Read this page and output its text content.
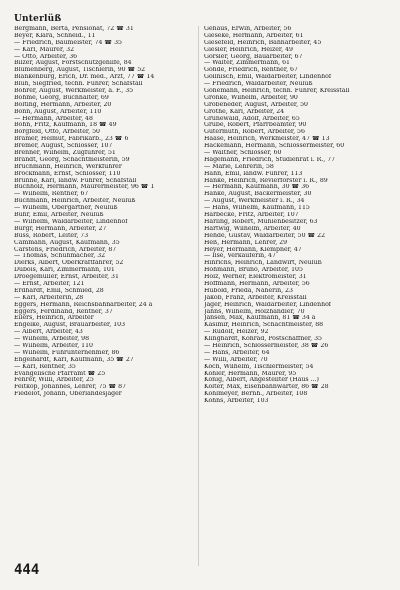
Unterlüß
Bergmann, Berta, Pensionat, 72 ☎ 31
Beyer, Klara, Schneid., 11
— Friedrich, Baumeister, 74 ☎ 35
— Karl, Maurer, 32
— Otto, Arbeiter, 36
Bilzer, August, Forstschutzgehilfe, 84
Blumenberg, August, Tischlerin, 90 ☎ 52
Blankenburg, Erich, Dr. med., Arzt, 77 ☎ 14
Blüh, Siegfried, techn. Führer, Schafstall
Böhrer, August, Werkmeister, a. F., 35
Böhme, Georg, Buchhalter, 69
Bölting, Hermann, Arbeiter, 20
Bonn, August, Arbeiter, 110
— Hermann, Arbeiter, 48
Bohn, Fritz, Kaufmann, 18 ☎ 49
Borgfeld, Otto, Arbeiter, 50
Brämer, Helmut, Fabrikarb., 23 ☎ 6
Bremer, August, Schlosser, 107
Brenner, Wilhelm, Zugführer, 51
Brandt, Georg, Schachtmeisterin, 59
Bruchmann, Heinrich, Werkführer
Brockmann, Ernst, Schlosser, 110
Brunne, Karl, landw. Führer, Schafstall
Buchholz, Hermann, Maurermeister, 96 ☎ 1
— Wilhelm, Rentner, 67
Buchmann, Heinrich, Arbeiter, Neulüß
— Wilhelm, Obergärtner, Neulüß
Buhr, Emil, Arbeiter, Neulüß
— Wilhelm, Waldarbeiter, Lindenhof
Burgr, Hermann, Arbeiter, 27
Buss, Robert, Leiter, 73
Cammann, August, Kaufmann, 35
Carstens, Friedrich, Arbeiter, 87
— Thomas, Schuhmacher, 32
Dierks, Albert, Oberkraftfahrer, 52
Dubois, Karl, Zimmermann, 101
Droegemüller, Ernst, Arbeiter, 31
— Ernst, Arbeiter, 121
Erdhardt, Emil, Schmied, 28
— Karl, Arbeiterin, 28
Eggers, Hermann, Reichsbahnarbeiter, 24 a
Eggers, Ferdinand, Rentner, 37
Eilers, Heinrich, Arbeiter
Engelke, August, Brauarbeiter, 103
— Albert, Arbeiter, 43
— Wilhelm, Arbeiter, 98
— Wilhelm, Arbeiter, 110
— Wilhelm, Fuhrunternehmer, 86
Engelhardt, Karl, Kaufmann, 35 ☎ 27
— Karl, Rentner, 35
Evangelische Pfarramt ☎ 25
Fehrer, Willi, Arbeiter, 25
Feitkop, Johannes, Lehrer, 75 ☎ 87
Fiedelot, Johann, Oberlandesjäger
Gehaus, Erwin, Arbeiter, 56
Gieseke, Hermann, Arbeiter, 61
Giesefeld, Heinrich, Bahnarbeiter, 45
Giesler, Heinrich, Heizer, 49
Görsler, Georg, Bauarbeiter, 67
— Walter, Zimmermann, 61
Gohde, Friedrich, Rentner, 67
Gollnisch, Emil, Waldarbeiter, Lindenhof
— Friedrich, Waldarbeiter, Neulüß
Gohemann, Heinrich, techn. Führer, Kreisstall
Gronke, Wilhelm, Arbeiter, 90
Gröbeneder, August, Arbeiter, 50
Grothe, Karl, Arbeiter, 24
Grünewald, Adolf, Arbeiter, 65
Grube, Robert, Pfarrbeamter, 90
Gutermuth, Robert, Arbeiter, 56
Haase, Heinrich, Werkmeister, 47 ☎ 13
Hackemann, Hermann, Schlossermeister, 60
— Walther, Schlosser, 60
Hagemann, Friedrich, Studienrat i. R., 77
— Marie, Lehrerin, 58
Hahn, Emil, landw. Führer, 113
Hanke, Heinrich, Revierförster i. R., 89
— Hermann, Kaufmann, 30 ☎ 36
Hanke, August, Bäckermeister, 30
— August, Werkmeister i. R., 34
— Hans, Wilhelm, Kaufmann, 115
Harbecke, Fritz, Arbeiter, 107
Harling, Robert, Mühlenbesitzer, 63
Hartwig, Wilhelm, Arbeiter, 40
Hehde, Gustav, Waldarbeiter, 50 ☎ 22
Heß, Hermann, Lehrer, 29
Heyer, Hermann, Klempner, 47
— Ilse, Verkäuferin, 47
Hinrichs, Heinrich, Landwirt, Neulüß
Hohmann, Bruno, Arbeiter, 105
Holz, Werner, Elektromeister, 31
Hoffmann, Hermann, Arbeiter, 56
Hubold, Frieda, Näherin, 23
Jakob, Franz, Arbeiter, Kreisstall
Jäger, Heinrich, Waldarbeiter, Lindenhof
Jahns, Wilhelm, Holzhändler, 70
Jansen, Max, Kaufmann, 81 ☎ 34 a
Kasimir, Heinrich, Schachtmeister, 88
— Rudolf, Heizer, 92
Klinghardt, Konrad, Postschaffner, 35
— Heinrich, Schlossermeister, 38 ☎ 26
— Hans, Arbeiter, 64
— Willi, Arbeiter, 70
Koch, Wilhelm, Tischlermeister, 54
Köhler, Hermann, Maurer, 95
König, Albert, Angestellter (Haus ...)
Kolter, Max, Eisenbahnwärter, 86 ☎ 28
Kohlmeyer, Bernh., Arbeiter, 108
Kohns, Arbeiter, 103
444
